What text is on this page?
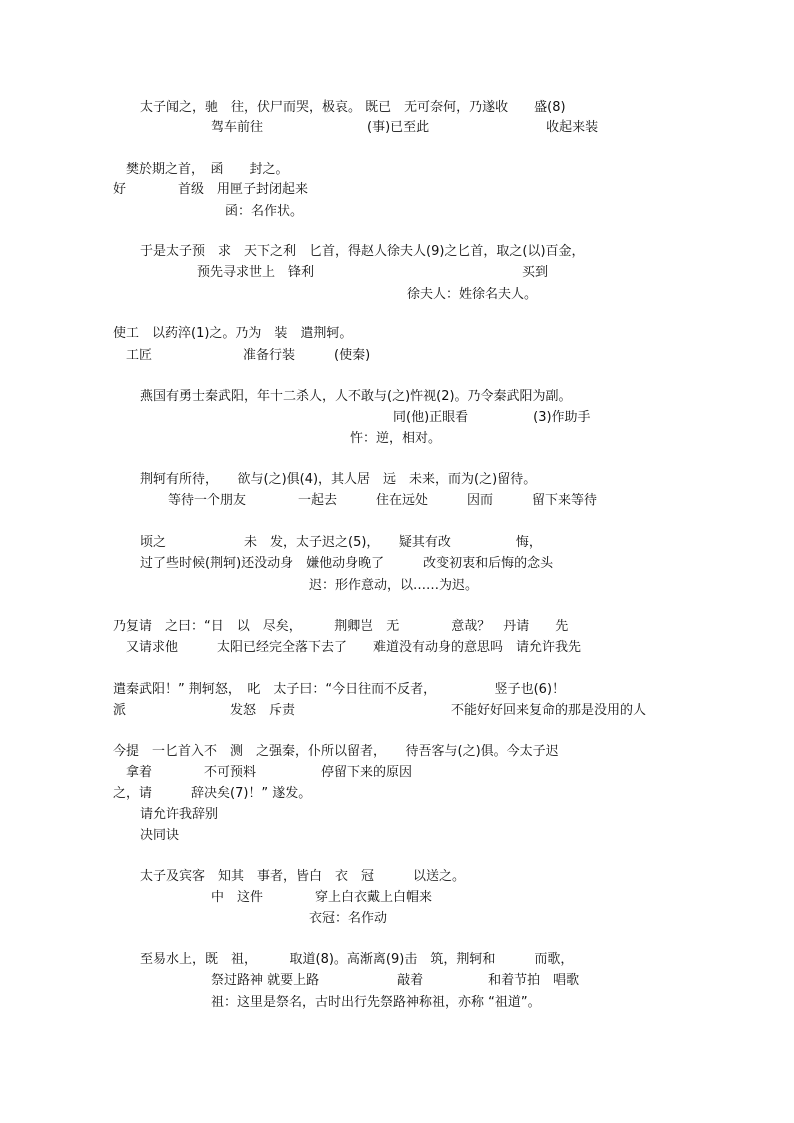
太子闻之，驰　往，伏尸而哭，极哀。 既已　无可奈何，乃遂收　　盛(8)
驾车前往　　　　　　　　(事)已至此　　　　　　　　　收起来装
樊於期之首，　函　　封之。
好　　　　首级　用匣子封闭起来
函：名作状。
于是太子预　求　天下之利　匕首，得赵人徐夫人(9)之匕首，取之(以)百金，
预先寻求世上　锋利　　　　　　　　　　　　　　　　买到
徐夫人：姓徐名夫人。
使工　以药淬(1)之。乃为　装　遣荆轲。
工匠　　　　　　　准备行装　　　(使秦)
燕国有勇士秦武阳，年十二杀人，人不敢与(之)忤视(2)。乃令秦武阳为副。
同(他)正眼看　　　　　(3)作助手
忤：逆，相对。
荆轲有所待，　　欲与(之)俱(4)，其人居　远　未来，而为(之)留待。
等待一个朋友　　　　一起去　　　住在远处　　　因而　　　留下来等待
顷之　　　　　　未　发，太子迟之(5)，　　疑其有改　　　　　悔，
过了些时候(荆轲)还没动身　嫌他动身晚了　　　改变初衷和后悔的念头
迟：形作意动，以……为迟。
乃复请　之曰：“日　以　尽矣，　　　荆卿岂　无　　　　意哉？　丹请　　先
又请求他　　　太阳已经完全落下去了　　难道没有动身的意思吗　请允许我先
遣秦武阳！” 荆轲怒，　叱　太子曰：“今日往而不反者，　　　　　竖子也(6)！
派　　　　　　　　发怒　斥责　　　　　　　　　　　　不能好好回来复命的那是没用的人
今提　一匕首入不　测　之强秦，仆所以留者，　　待吾客与(之)俱。今太子迟
拿着　　　　不可预料　　　　　停留下来的原因
之，请　　　辞决矣(7)！” 遂发。
请允许我辞别
决同诀
太子及宾客　知其　事者，皆白　衣　冠　　　以送之。
中　这件　　　　穿上白衣戴上白帽来
衣冠：名作动
至易水上，既　祖，　　　取道(8)。高渐离(9)击　筑，荆轲和　　　而歌，
祭过路神 就要上路　　　　　　敲着　　　　　和着节拍　唱歌
祖：这里是祭名，古时出行先祭路神称祖，亦称 “祖道”。
